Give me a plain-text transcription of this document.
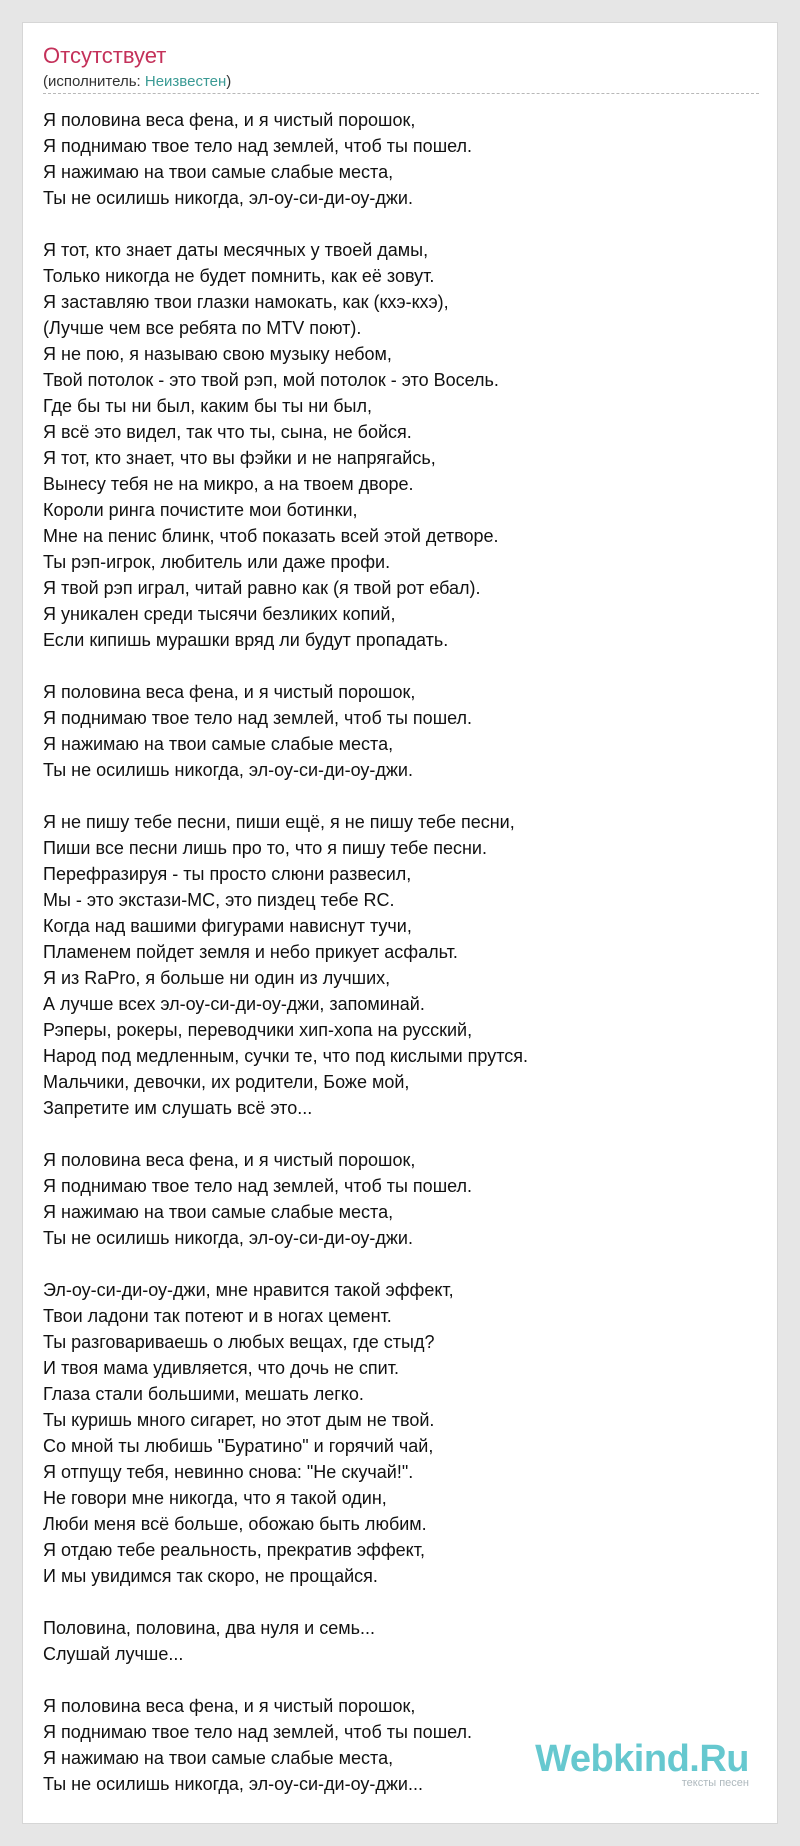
Отсутствует
(исполнитель: Неизвестен)
Я половина веса фена, и я чистый порошок,
Я поднимаю твое тело над землей, чтоб ты пошел.
Я нажимаю на твои самые слабые места,
Ты не осилишь никогда, эл-оу-си-ди-оу-джи.
Я тот, кто знает даты месячных у твоей дамы,
Только никогда не будет помнить, как её зовут.
Я заставляю твои глазки намокать, как (кхэ-кхэ),
(Лучше чем все ребята по MTV поют).
Я не пою, я называю свою музыку небом,
Твой потолок - это твой рэп, мой потолок - это Восель.
Где бы ты ни был, каким бы ты ни был,
Я всё это видел, так что ты, сына, не бойся.
Я тот, кто знает, что вы фэйки и не напрягайсь,
Вынесу тебя не на микро, а на твоем дворе.
Короли ринга почистите мои ботинки,
Мне на пенис блинк, чтоб показать всей этой детворе.
Ты рэп-игрок, любитель или даже профи.
Я твой рэп играл, читай равно как (я твой рот ебал).
Я уникален среди тысячи безликих копий,
Если кипишь мурашки вряд ли будут пропадать.
Я половина веса фена, и я чистый порошок,
Я поднимаю твое тело над землей, чтоб ты пошел.
Я нажимаю на твои самые слабые места,
Ты не осилишь никогда, эл-оу-си-ди-оу-джи.
Я не пишу тебе песни, пиши ещё, я не пишу тебе песни,
Пиши все песни лишь про то, что я пишу тебе песни.
Перефразируя - ты просто слюни развесил,
Мы - это экстази-MC, это пиздец тебе RC.
Когда над вашими фигурами нависнут тучи,
Пламенем пойдет земля и небо прикует асфальт.
Я из RaPro, я больше ни один из лучших,
А лучше всех эл-оу-си-ди-оу-джи, запоминай.
Рэперы, рокеры, переводчики хип-хопа на русский,
Народ под медленным, сучки те, что под кислыми прутся.
Мальчики, девочки, их родители, Боже мой,
Запретите им слушать всё это...
Я половина веса фена, и я чистый порошок,
Я поднимаю твое тело над землей, чтоб ты пошел.
Я нажимаю на твои самые слабые места,
Ты не осилишь никогда, эл-оу-си-ди-оу-джи.
Эл-оу-си-ди-оу-джи, мне нравится такой эффект,
Твои ладони так потеют и в ногах цемент.
Ты разговариваешь о любых вещах, где стыд?
И твоя мама удивляется, что дочь не спит.
Глаза стали большими, мешать легко.
Ты куришь много сигарет, но этот дым не твой.
Со мной ты любишь "Буратино" и горячий чай,
Я отпущу тебя, невинно снова: "Не скучай!".
Не говори мне никогда, что я такой один,
Люби меня всё больше, обожаю быть любим.
Я отдаю тебе реальность, прекратив эффект,
И мы увидимся так скоро, не прощайся.
Половина, половина, два нуля и семь...
Слушай лучше...
Я половина веса фена, и я чистый порошок,
Я поднимаю твое тело над землей, чтоб ты пошел.
Я нажимаю на твои самые слабые места,
Ты не осилишь никогда, эл-оу-си-ди-оу-джи...
Webkind.Ru
тексты песен
